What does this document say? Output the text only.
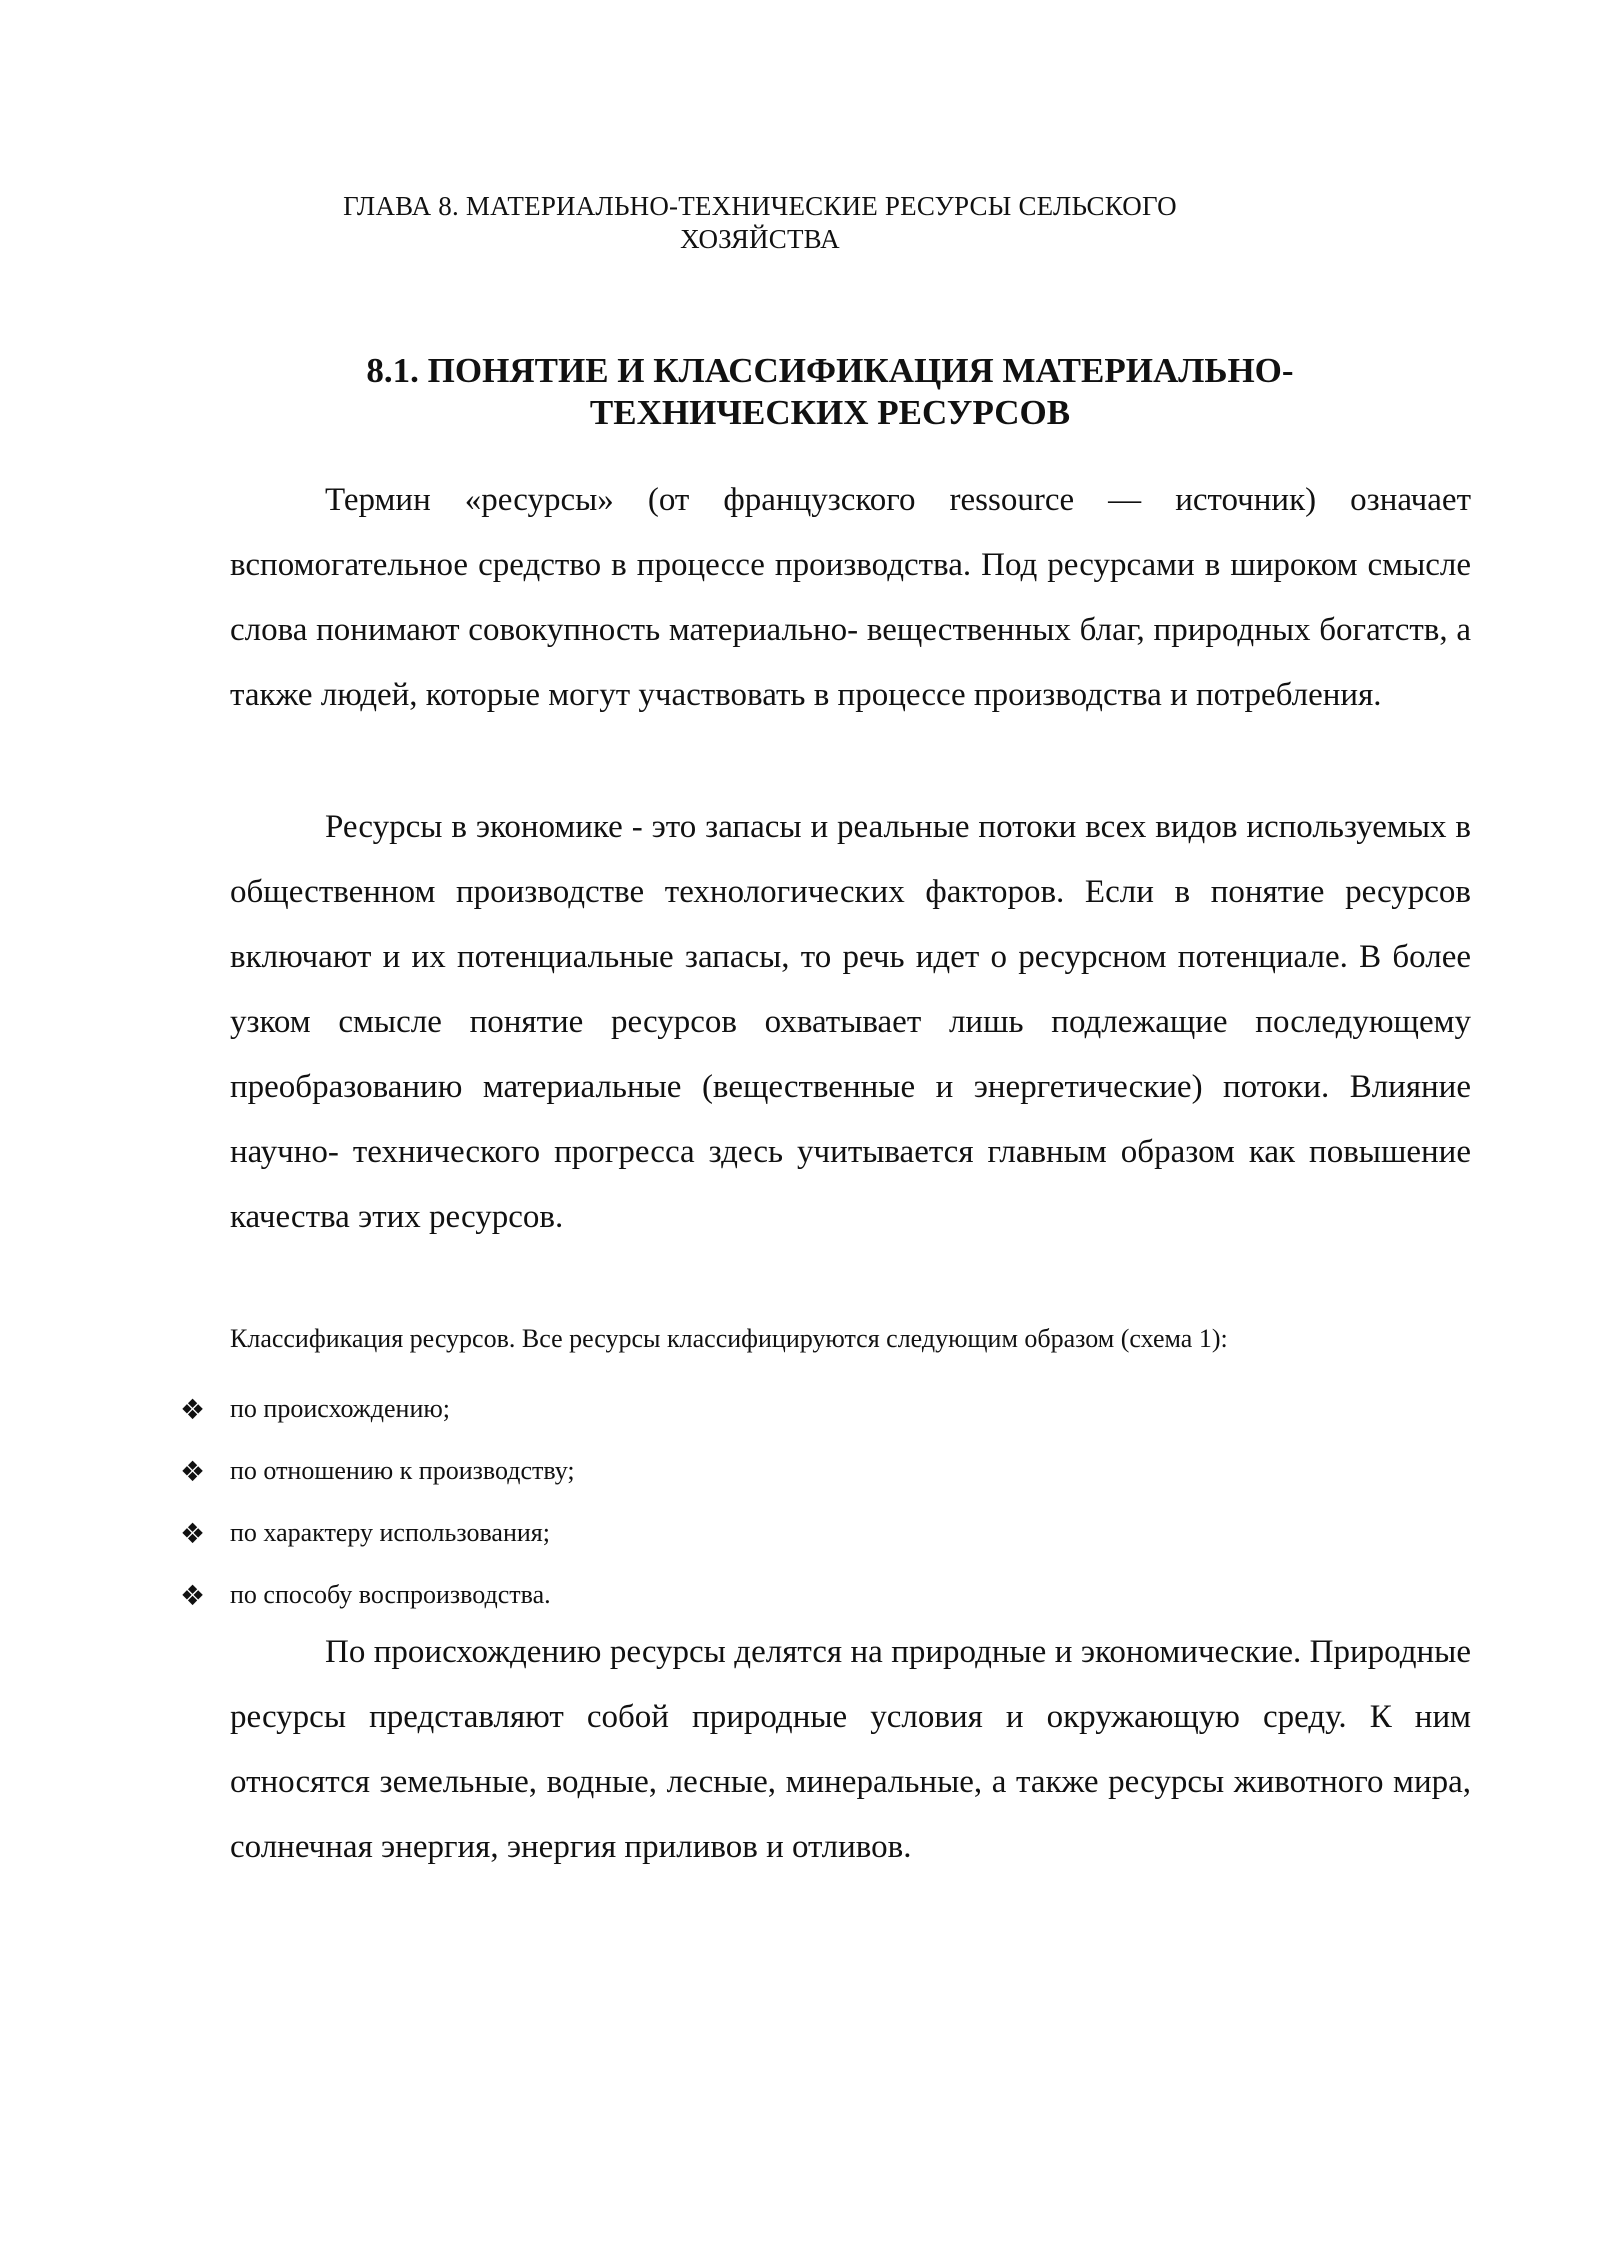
ГЛАВА 8. МАТЕРИАЛЬНО-ТЕХНИЧЕСКИЕ РЕСУРСЫ СЕЛЬСКОГО
ХОЗЯЙСТВА
8.1. ПОНЯТИЕ И КЛАССИФИКАЦИЯ МАТЕРИАЛЬНО-
ТЕХНИЧЕСКИХ РЕСУРСОВ

Термин «ресурсы» (от французского ressource — источник) означает вспомогательное средство в процессе производства. Под ресурсами в широком смысле слова понимают совокупность материально- вещественных благ, природных богатств, а также людей, которые могут участвовать в процессе производства и потребления.

Ресурсы в экономике - это запасы и реальные потоки всех видов используемых в общественном производстве технологических факторов. Если в понятие ресурсов включают и их потенциальные запасы, то речь идет о ресурсном потенциале. В более узком смысле понятие ресурсов охватывает лишь подлежащие последующему преобразованию материальные (вещественные и энергетические) потоки. Влияние научно- технического прогресса здесь учитывается главным образом как повышение качества этих ресурсов.

Классификация ресурсов. Все ресурсы классифицируются следующим образом (схема 1):
❖ по происхождению;
❖ по отношению к производству;
❖ по характеру использования;
❖ по способу воспроизводства.

По происхождению ресурсы делятся на природные и экономические. Природные ресурсы представляют собой природные условия и окружающую среду. К ним относятся земельные, водные, лесные, минеральные, а также ресурсы животного мира, солнечная энергия, энергия приливов и отливов.
